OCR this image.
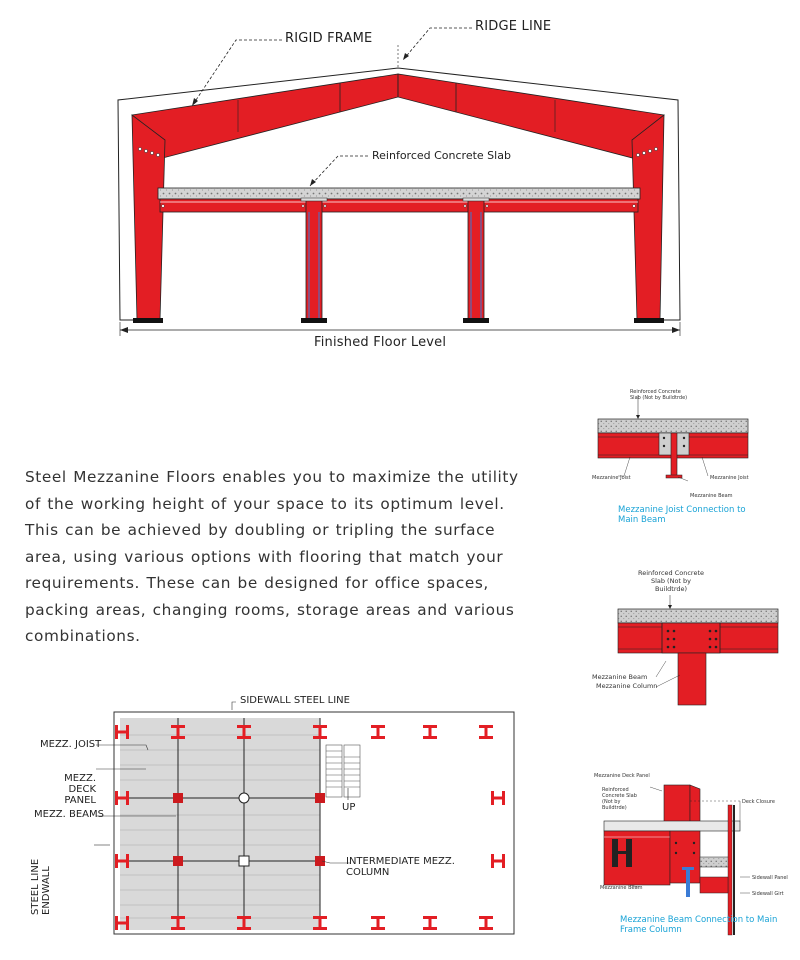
RIGID FRAME
RIDGE LINE
Reinforced Concrete Slab
Finished Floor Level
Steel Mezzanine Floors enables you to maximize the utility of the working height of your space to its optimum level. This can be achieved by doubling or tripling the surface area, using various options with flooring that match your requirements. These can be designed for office spaces, packing areas, changing rooms, storage areas and various combinations.
Reinforced Concrete Slab (Not by Buildtrde)
Mezzanine Joist	Mezzanine Joist
Mezzanine Beam
Mezzanine Joist Connection to Main Beam
Reinforced Concrete Slab (Not by Buildtrde)
Mezzanine Beam
Mezzanine Column
Mezzanine Deck Panel
Reinforced Concrete Slab (Not by Buildtrde)
Deck Closure
Mezzanine Beam
Sidewall Panel
Sidewall Girt
Mezzanine Beam Connection to Main Frame Column
SIDEWALL STEEL LINE
MEZZ. JOIST
MEZZ. DECK PANEL
MEZZ. BEAMS
STEEL LINE ENDWALL
INTERMEDIATE MEZZ. COLUMN
UP
